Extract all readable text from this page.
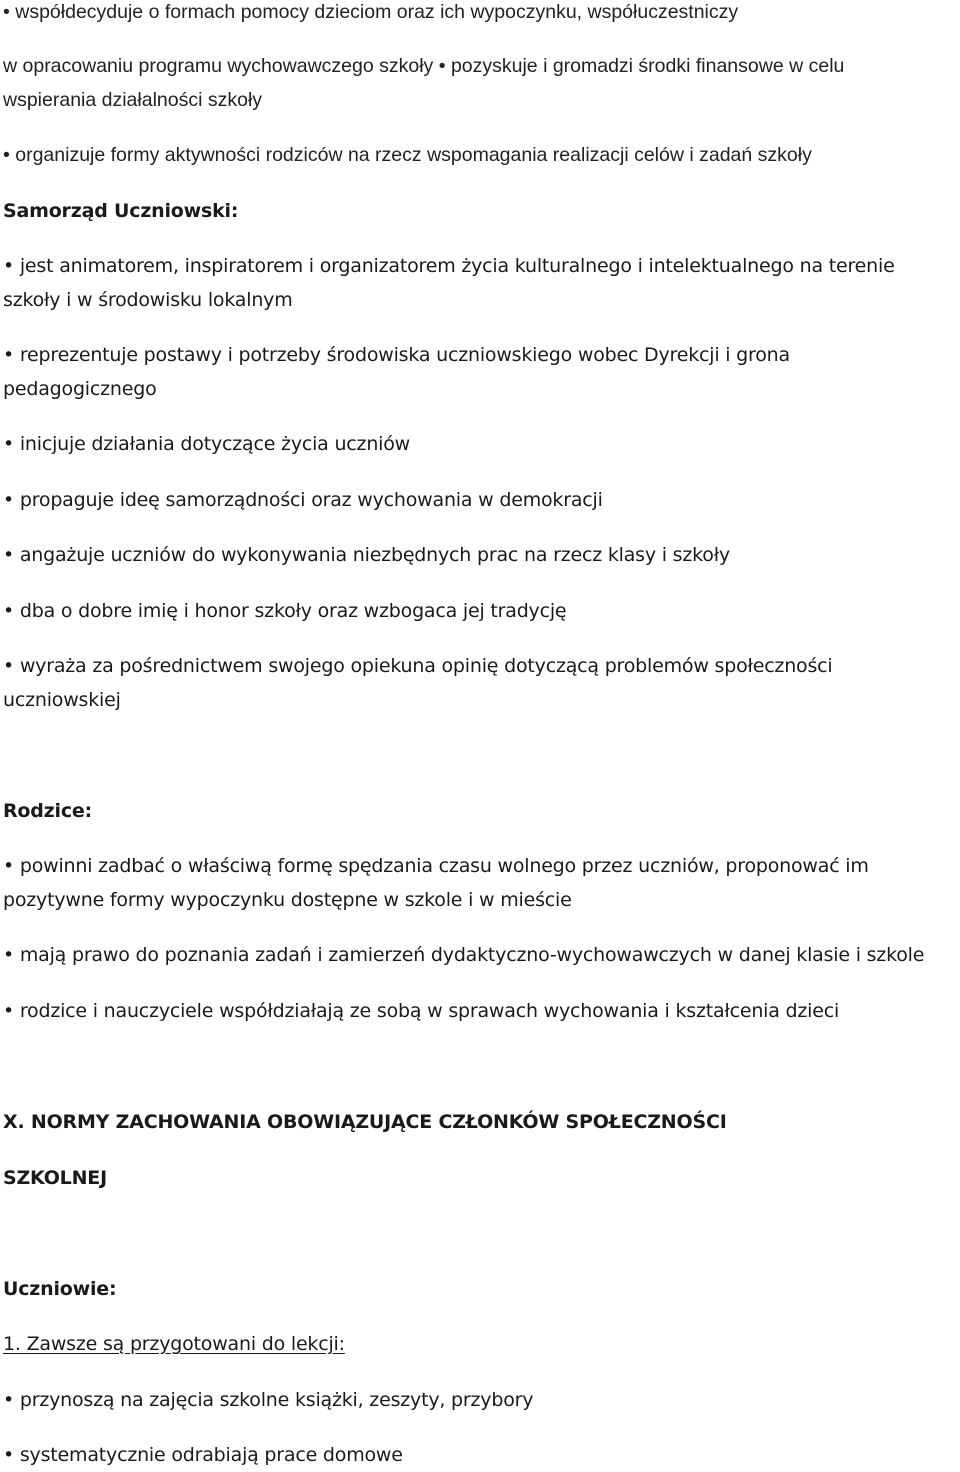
• współdecyduje o formach pomocy dzieciom oraz ich wypoczynku, współuczestniczy
w opracowaniu programu wychowawczego szkoły • pozyskuje i gromadzi środki finansowe w celu
wspierania działalności szkoły
• organizuje formy aktywności rodziców na rzecz wspomagania realizacji celów i zadań szkoły
Samorząd Uczniowski:
• jest animatorem, inspiratorem i organizatorem życia kulturalnego i intelektualnego na terenie
szkoły i w środowisku lokalnym
• reprezentuje postawy i potrzeby środowiska uczniowskiego wobec Dyrekcji i grona
pedagogicznego
• inicjuje działania dotyczące życia uczniów
• propaguje ideę samorządności oraz wychowania w demokracji
• angażuje uczniów do wykonywania niezbędnych prac na rzecz klasy i szkoły
• dba o dobre imię i honor szkoły oraz wzbogaca jej tradycję
• wyraża za pośrednictwem swojego opiekuna opinię dotyczącą problemów społeczności
uczniowskiej
Rodzice:
• powinni zadbać o właściwą formę spędzania czasu wolnego przez uczniów, proponować im
pozytywne formy wypoczynku dostępne w szkole i w mieście
• mają prawo do poznania zadań i zamierzeń dydaktyczno-wychowawczych w danej klasie i szkole
• rodzice i nauczyciele współdziałają ze sobą w sprawach wychowania i kształcenia dzieci
X. NORMY ZACHOWANIA OBOWIĄZUJĄCE CZŁONKÓW SPOŁECZNOŚCI
SZKOLNEJ
Uczniowie:
1. Zawsze są przygotowani do lekcji:
• przynoszą na zajęcia szkolne książki, zeszyty, przybory
• systematycznie odrabiają prace domowe
